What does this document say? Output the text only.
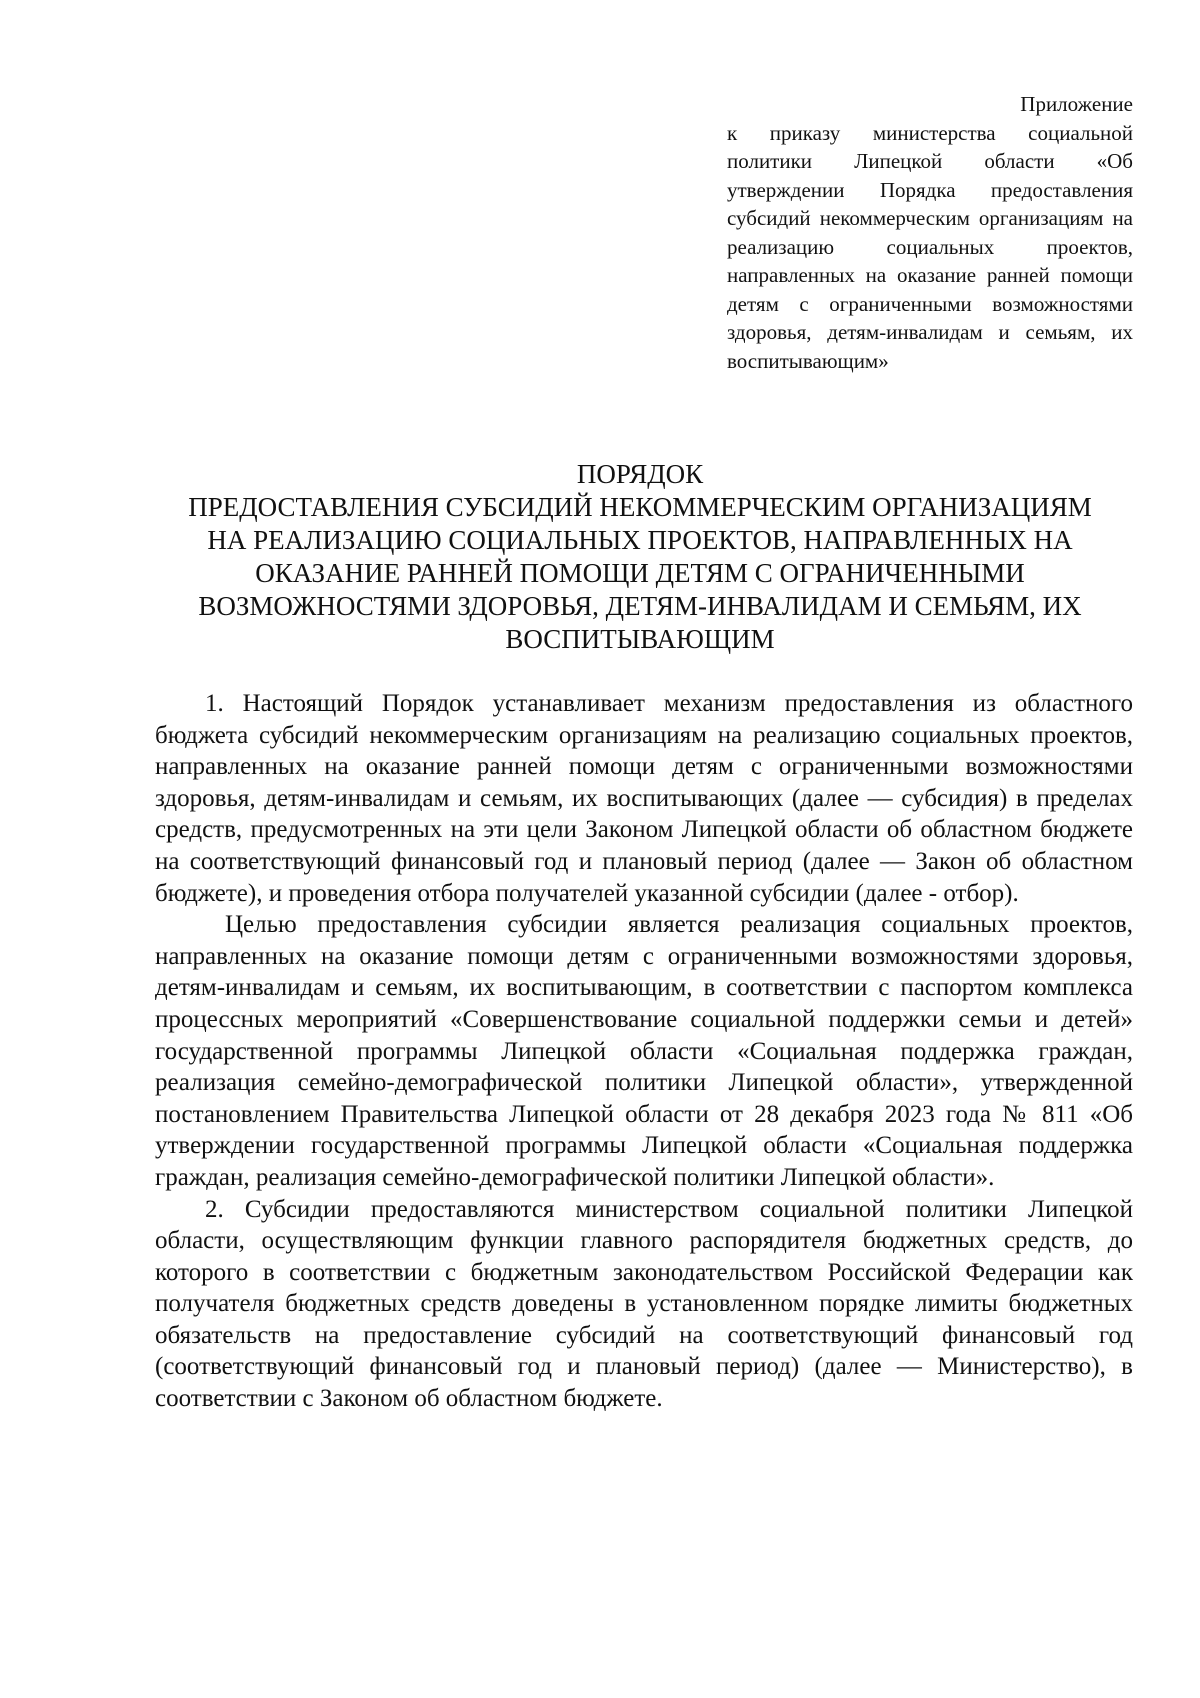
Приложение

к приказу министерства социальной политики Липецкой области «Об утверждении Порядка предоставления субсидий некоммерческим организациям на реализацию социальных проектов, направленных на оказание ранней помощи детям с ограниченными возможностями здоровья, детям-инвалидам и семьям, их воспитывающим»

ПОРЯДОК
ПРЕДОСТАВЛЕНИЯ СУБСИДИЙ НЕКОММЕРЧЕСКИМ ОРГАНИЗАЦИЯМ
НА РЕАЛИЗАЦИЮ СОЦИАЛЬНЫХ ПРОЕКТОВ, НАПРАВЛЕННЫХ НА
ОКАЗАНИЕ РАННЕЙ ПОМОЩИ ДЕТЯМ С ОГРАНИЧЕННЫМИ
ВОЗМОЖНОСТЯМИ ЗДОРОВЬЯ, ДЕТЯМ-ИНВАЛИДАМ И СЕМЬЯМ, ИХ
ВОСПИТЫВАЮЩИМ

1. Настоящий Порядок устанавливает механизм предоставления из областного бюджета субсидий некоммерческим организациям на реализацию социальных проектов, направленных на оказание ранней помощи детям с ограниченными возможностями здоровья, детям-инвалидам и семьям, их воспитывающих (далее — субсидия) в пределах средств, предусмотренных на эти цели Законом Липецкой области об областном бюджете на соответствующий финансовый год и плановый период (далее — Закон об областном бюджете), и проведения отбора получателей указанной субсидии (далее - отбор).

Целью предоставления субсидии является реализация социальных проектов, направленных на оказание помощи детям с ограниченными возможностями здоровья, детям-инвалидам и семьям, их воспитывающим, в соответствии с паспортом комплекса процессных мероприятий «Совершенствование социальной поддержки семьи и детей» государственной программы Липецкой области «Социальная поддержка граждан, реализация семейно-демографической политики Липецкой области», утвержденной постановлением Правительства Липецкой области от 28 декабря 2023 года № 811 «Об утверждении государственной программы Липецкой области «Социальная поддержка граждан, реализация семейно-демографической политики Липецкой области».

2. Субсидии предоставляются министерством социальной политики Липецкой области, осуществляющим функции главного распорядителя бюджетных средств, до которого в соответствии с бюджетным законодательством Российской Федерации как получателя бюджетных средств доведены в установленном порядке лимиты бюджетных обязательств на предоставление субсидий на соответствующий финансовый год (соответствующий финансовый год и плановый период) (далее — Министерство), в соответствии с Законом об областном бюджете.
